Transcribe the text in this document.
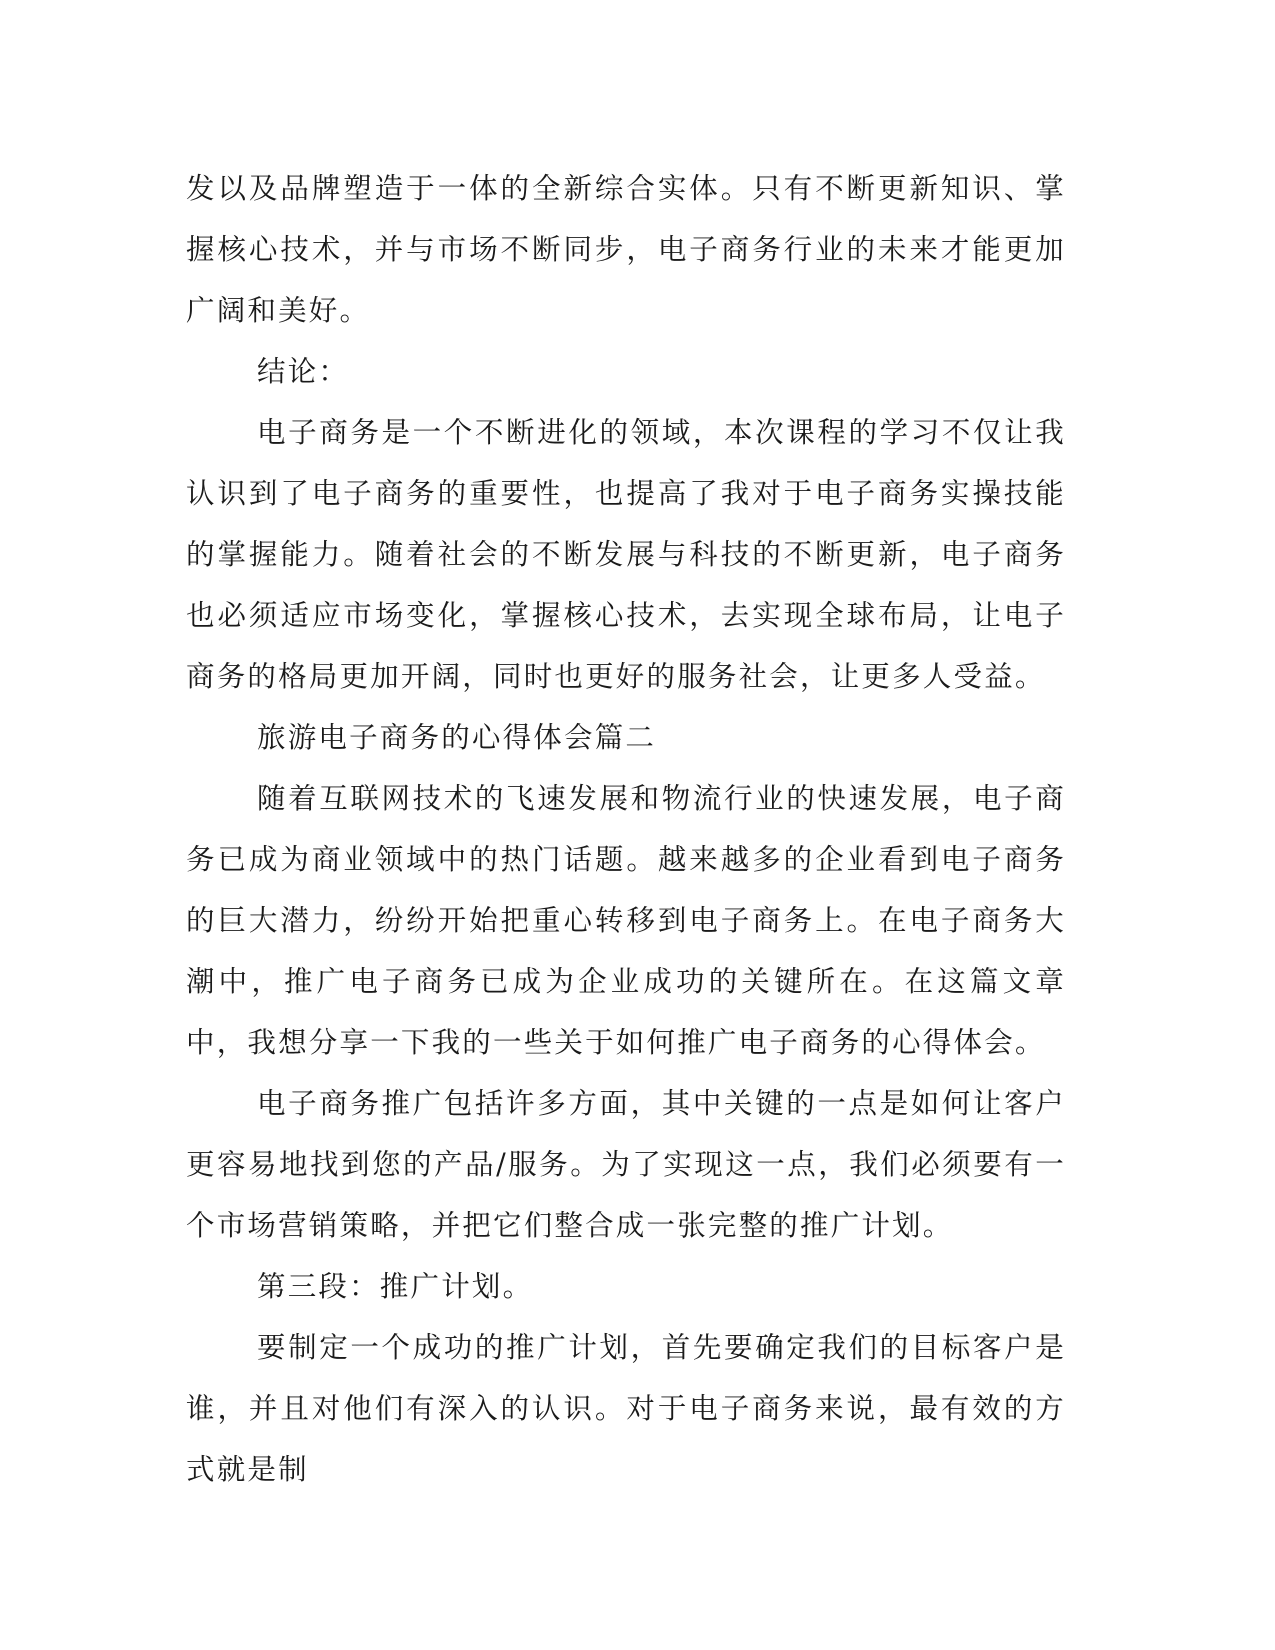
发以及品牌塑造于一体的全新综合实体。只有不断更新知识、掌握核心技术，并与市场不断同步，电子商务行业的未来才能更加广阔和美好。

结论：

电子商务是一个不断进化的领域，本次课程的学习不仅让我认识到了电子商务的重要性，也提高了我对于电子商务实操技能的掌握能力。随着社会的不断发展与科技的不断更新，电子商务也必须适应市场变化，掌握核心技术，去实现全球布局，让电子商务的格局更加开阔，同时也更好的服务社会，让更多人受益。

旅游电子商务的心得体会篇二

随着互联网技术的飞速发展和物流行业的快速发展，电子商务已成为商业领域中的热门话题。越来越多的企业看到电子商务的巨大潜力，纷纷开始把重心转移到电子商务上。在电子商务大潮中，推广电子商务已成为企业成功的关键所在。在这篇文章中，我想分享一下我的一些关于如何推广电子商务的心得体会。

电子商务推广包括许多方面，其中关键的一点是如何让客户更容易地找到您的产品/服务。为了实现这一点，我们必须要有一个市场营销策略，并把它们整合成一张完整的推广计划。

第三段：推广计划。

要制定一个成功的推广计划，首先要确定我们的目标客户是谁，并且对他们有深入的认识。对于电子商务来说，最有效的方式就是制
